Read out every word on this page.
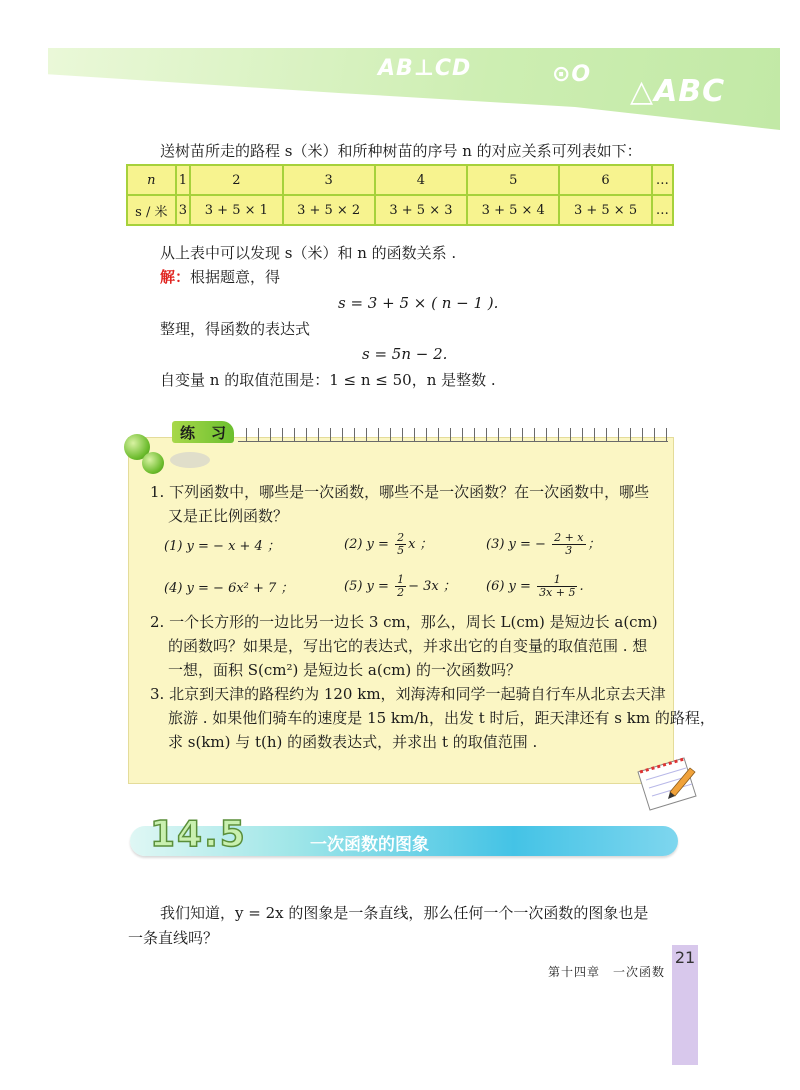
AB⊥CD	⊙O △ABC
送树苗所走的路程 s（米）和所种树苗的序号 n 的对应关系可列表如下：
n	1	2	3	4	5	6	…
s / 米	3	3 + 5 × 1	3 + 5 × 2	3 + 5 × 3	3 + 5 × 4	3 + 5 × 5	…
从上表中可以发现 s（米）和 n 的函数关系 .
解：根据题意，得
s = 3 + 5 × ( n − 1 ).
整理，得函数的表达式
s = 5n − 2.
自变量 n 的取值范围是：1 ≤ n ≤ 50，n 是整数 .
练 习
1. 下列函数中，哪些是一次函数，哪些不是一次函数？在一次函数中，哪些
又是正比例函数？
(1) y = − x + 4 ；	(2) $y = \frac{2}{5}$ x ；	(3) y = − $\frac{2 + x}{3}$ ；
(4) y = − 6x² + 7 ；	(5) $y = \frac{1}{2} - 3x$ ； (6) $y = \frac{1}{3x + 5}$ .
2. 一个长方形的一边比另一边长 3 cm，那么，周长 L(cm) 是短边长 a(cm)
的函数吗？如果是，写出它的表达式，并求出它的自变量的取值范围 . 想
一想，面积 S(cm²) 是短边长 a(cm) 的一次函数吗？
3. 北京到天津的路程约为 120 km，刘海涛和同学一起骑自行车从北京去天津
旅游 . 如果他们骑车的速度是 15 km/h，出发 t 时后，距天津还有 s km 的路程，
求 s(km) 与 t(h) 的函数表达式，并求出 t 的取值范围 .
14.5	一次函数的图象
我们知道，y = 2x 的图象是一条直线，那么任何一个一次函数的图象也是
一条直线吗？
21
第十四章　一次函数
